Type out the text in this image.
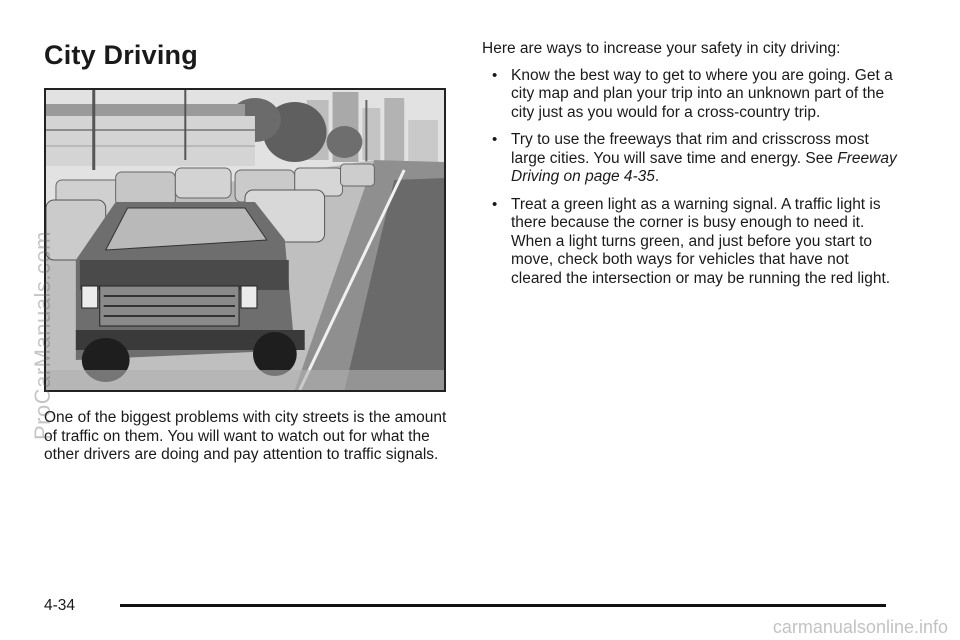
City Driving

One of the biggest problems with city streets is the amount of traffic on them. You will want to watch out for what the other drivers are doing and pay attention to traffic signals.

Here are ways to increase your safety in city driving:

• Know the best way to get to where you are going. Get a city map and plan your trip into an unknown part of the city just as you would for a cross-country trip.
• Try to use the freeways that rim and crisscross most large cities. You will save time and energy. See Freeway Driving on page 4-35.
• Treat a green light as a warning signal. A traffic light is there because the corner is busy enough to need it. When a light turns green, and just before you start to move, check both ways for vehicles that have not cleared the intersection or may be running the red light.
4-34
ProCarManuals.com
carmanualsonline.info
